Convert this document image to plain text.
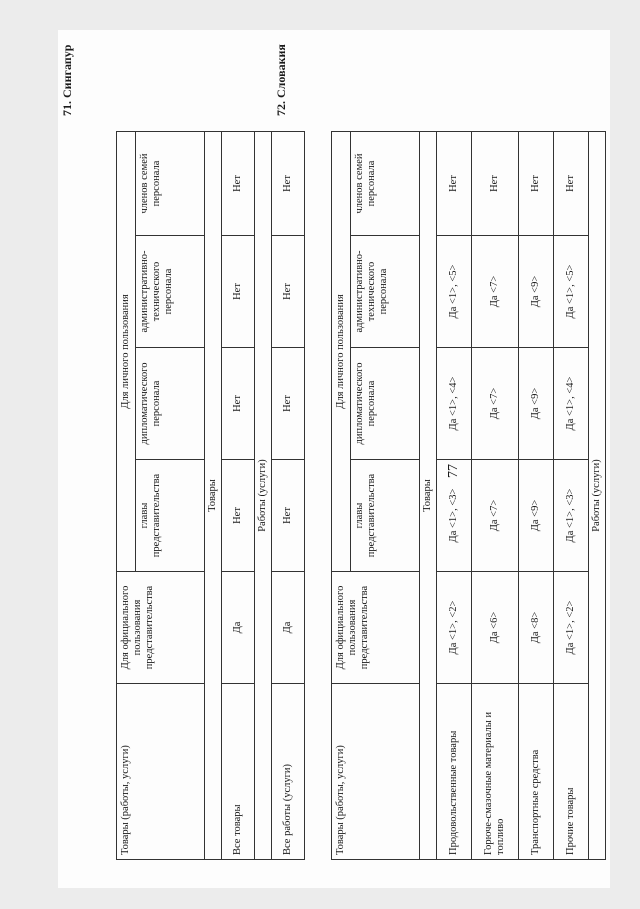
77
71. Сингапур
Товары (работы, услуги)	Для официального пользования представительства	Для личного пользования			
		главы представительства	дипломатического персонала	административно-технического персонала	членов семей персонала
Товары					
Все товары	Да	Нет	Нет	Нет	Нет
Работы (услуги)					
Все работы (услуги)	Да	Нет	Нет	Нет	Нет
72. Словакия
Товары (работы, услуги)	Для официального пользования представительства	Для личного пользования			
		главы представительства	дипломатического персонала	административно-технического персонала	членов семей персонала
Товары					
Продовольственные товары	Да <1>, <2>	Да <1>, <3>	Да <1>, <4>	Да <1>, <5>	Нет
Горюче-смазочные материалы и топливо	Да <6>	Да <7>	Да <7>	Да <7>	Нет
Транспортные средства	Да <8>	Да <9>	Да <9>	Да <9>	Нет
Прочие товары	Да <1>, <2>	Да <1>, <3>	Да <1>, <4>	Да <1>, <5>	Нет
Работы (услуги)					
